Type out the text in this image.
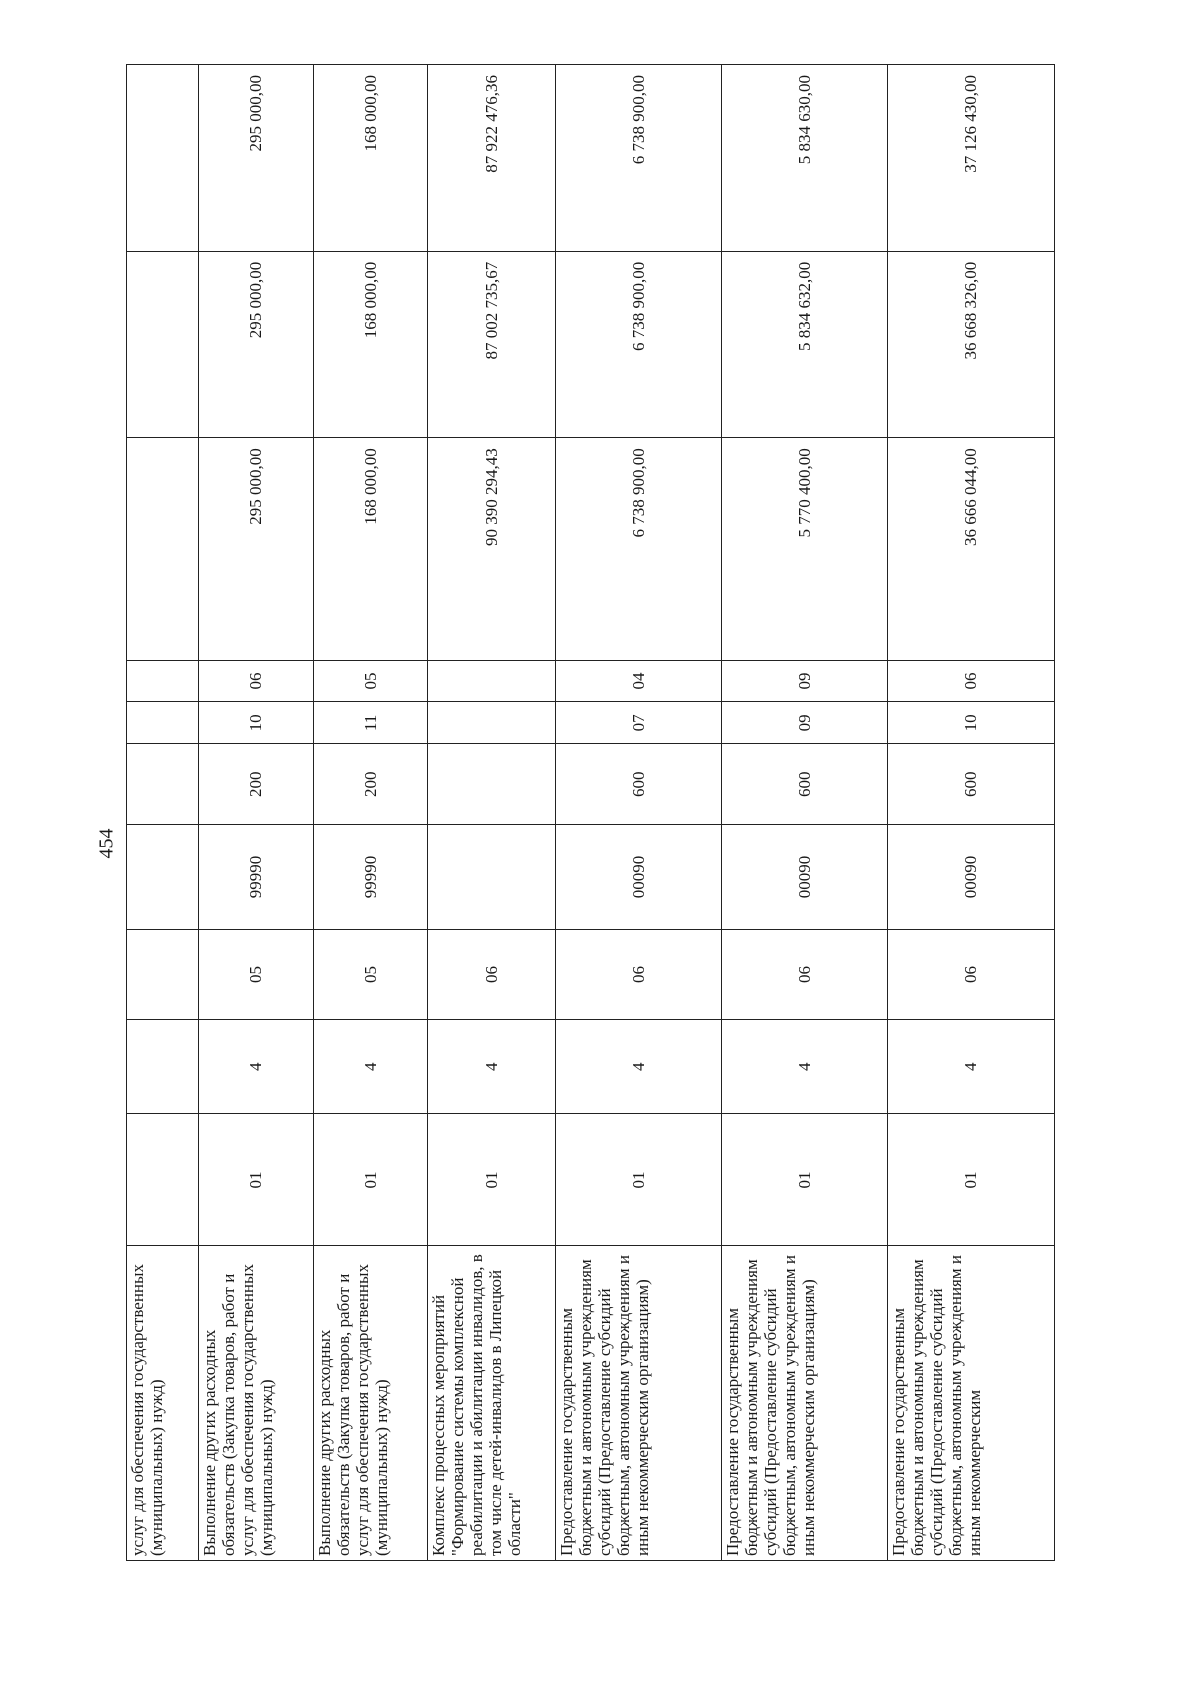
454
услуг для обеспечения государственных (муниципальных) нужд)										
Выполнение других расходных обязательств (Закупка товаров, работ и услуг для обеспечения государственных (муниципальных) нужд)	01	4	05	99990	200	10	06	295 000,00	295 000,00	295 000,00
Выполнение других расходных обязательств (Закупка товаров, работ и услуг для обеспечения государственных (муниципальных) нужд)	01	4	05	99990	200	11	05	168 000,00	168 000,00	168 000,00
Комплекс процессных мероприятий "Формирование системы комплексной реабилитации и абилитации инвалидов, в том числе детей-инвалидов в Липецкой области"	01	4	06					90 390 294,43	87 002 735,67	87 922 476,36
Предоставление государственным бюджетным и автономным учреждениям субсидий (Предоставление субсидий бюджетным, автономным учреждениям и иным некоммерческим организациям)	01	4	06	00090	600	07	04	6 738 900,00	6 738 900,00	6 738 900,00
Предоставление государственным бюджетным и автономным учреждениям субсидий (Предоставление субсидий бюджетным, автономным учреждениям и иным некоммерческим организациям)	01	4	06	00090	600	09	09	5 770 400,00	5 834 632,00	5 834 630,00
Предоставление государственным бюджетным и автономным учреждениям субсидий (Предоставление субсидий бюджетным, автономным учреждениям и иным некоммерческим	01	4	06	00090	600	10	06	36 666 044,00	36 668 326,00	37 126 430,00
